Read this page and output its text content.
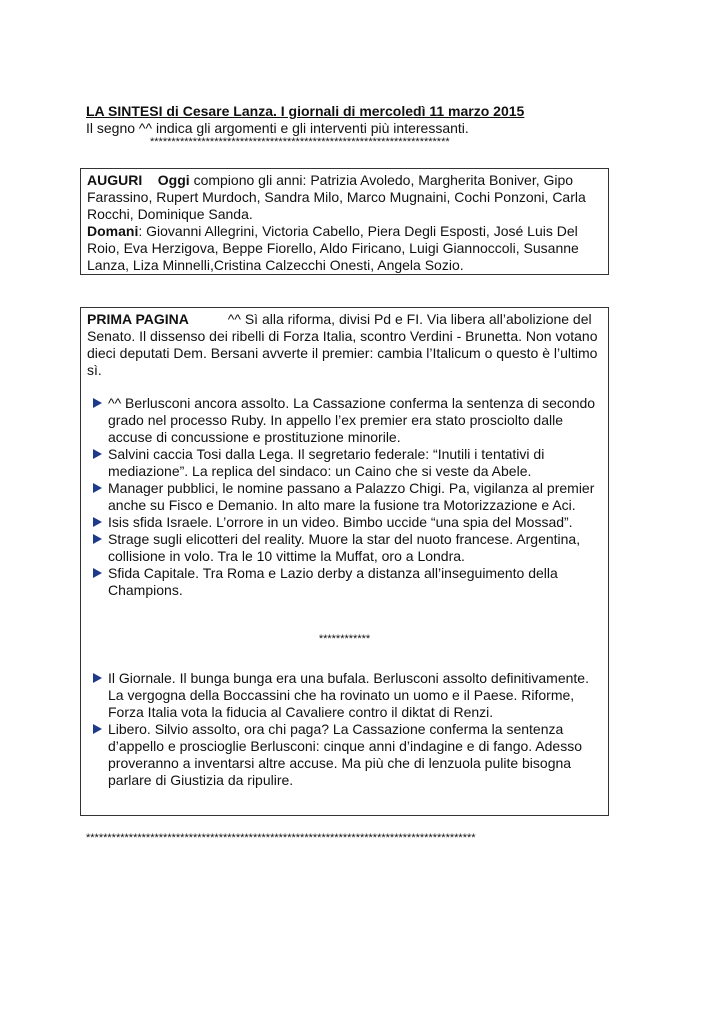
LA SINTESI di Cesare Lanza. I giornali di mercoledì 11 marzo 2015
Il segno ^^ indica gli argomenti e gli interventi più interessanti.
**********************************************************************

AUGURI Oggi compiono gli anni: Patrizia Avoledo, Margherita Boniver, Gipo Farassino, Rupert Murdoch, Sandra Milo, Marco Mugnaini, Cochi Ponzoni, Carla Rocchi, Dominique Sanda.

Domani: Giovanni Allegrini, Victoria Cabello, Piera Degli Esposti, José Luis Del Roio, Eva Herzigova, Beppe Fiorello, Aldo Firicano, Luigi Giannoccoli, Susanne Lanza, Liza Minnelli,Cristina Calzecchi Onesti, Angela Sozio.

PRIMA PAGINA	^^ Sì alla riforma, divisi Pd e FI. Via libera all’abolizione del Senato. Il dissenso dei ribelli di Forza Italia, scontro Verdini - Brunetta. Non votano dieci deputati Dem. Bersani avverte il premier: cambia l’Italicum o questo è l’ultimo sì.

^^ Berlusconi ancora assolto. La Cassazione conferma la sentenza di secondo grado nel processo Ruby. In appello l’ex premier era stato prosciolto dalle accuse di concussione e prostituzione minorile.
Salvini caccia Tosi dalla Lega. Il segretario federale: “Inutili i tentativi di mediazione”. La replica del sindaco: un Caino che si veste da Abele.
Manager pubblici, le nomine passano a Palazzo Chigi. Pa, vigilanza al premier anche su Fisco e Demanio. In alto mare la fusione tra Motorizzazione e Aci.
Isis sfida Israele. L’orrore in un video. Bimbo uccide “una spia del Mossad”.
Strage sugli elicotteri del reality. Muore la star del nuoto francese. Argentina, collisione in volo. Tra le 10 vittime la Muffat, oro a Londra.
Sfida Capitale. Tra Roma e Lazio derby a distanza all’inseguimento della Champions.

************

Il Giornale. Il bunga bunga era una bufala. Berlusconi assolto definitivamente. La vergogna della Boccassini che ha rovinato un uomo e il Paese. Riforme, Forza Italia vota la fiducia al Cavaliere contro il diktat di Renzi.
Libero. Silvio assolto, ora chi paga? La Cassazione conferma la sentenza d’appello e proscioglie Berlusconi: cinque anni d’indagine e di fango. Adesso proveranno a inventarsi altre accuse. Ma più che di lenzuola pulite bisogna parlare di Giustizia da ripulire.
*******************************************************************************************
